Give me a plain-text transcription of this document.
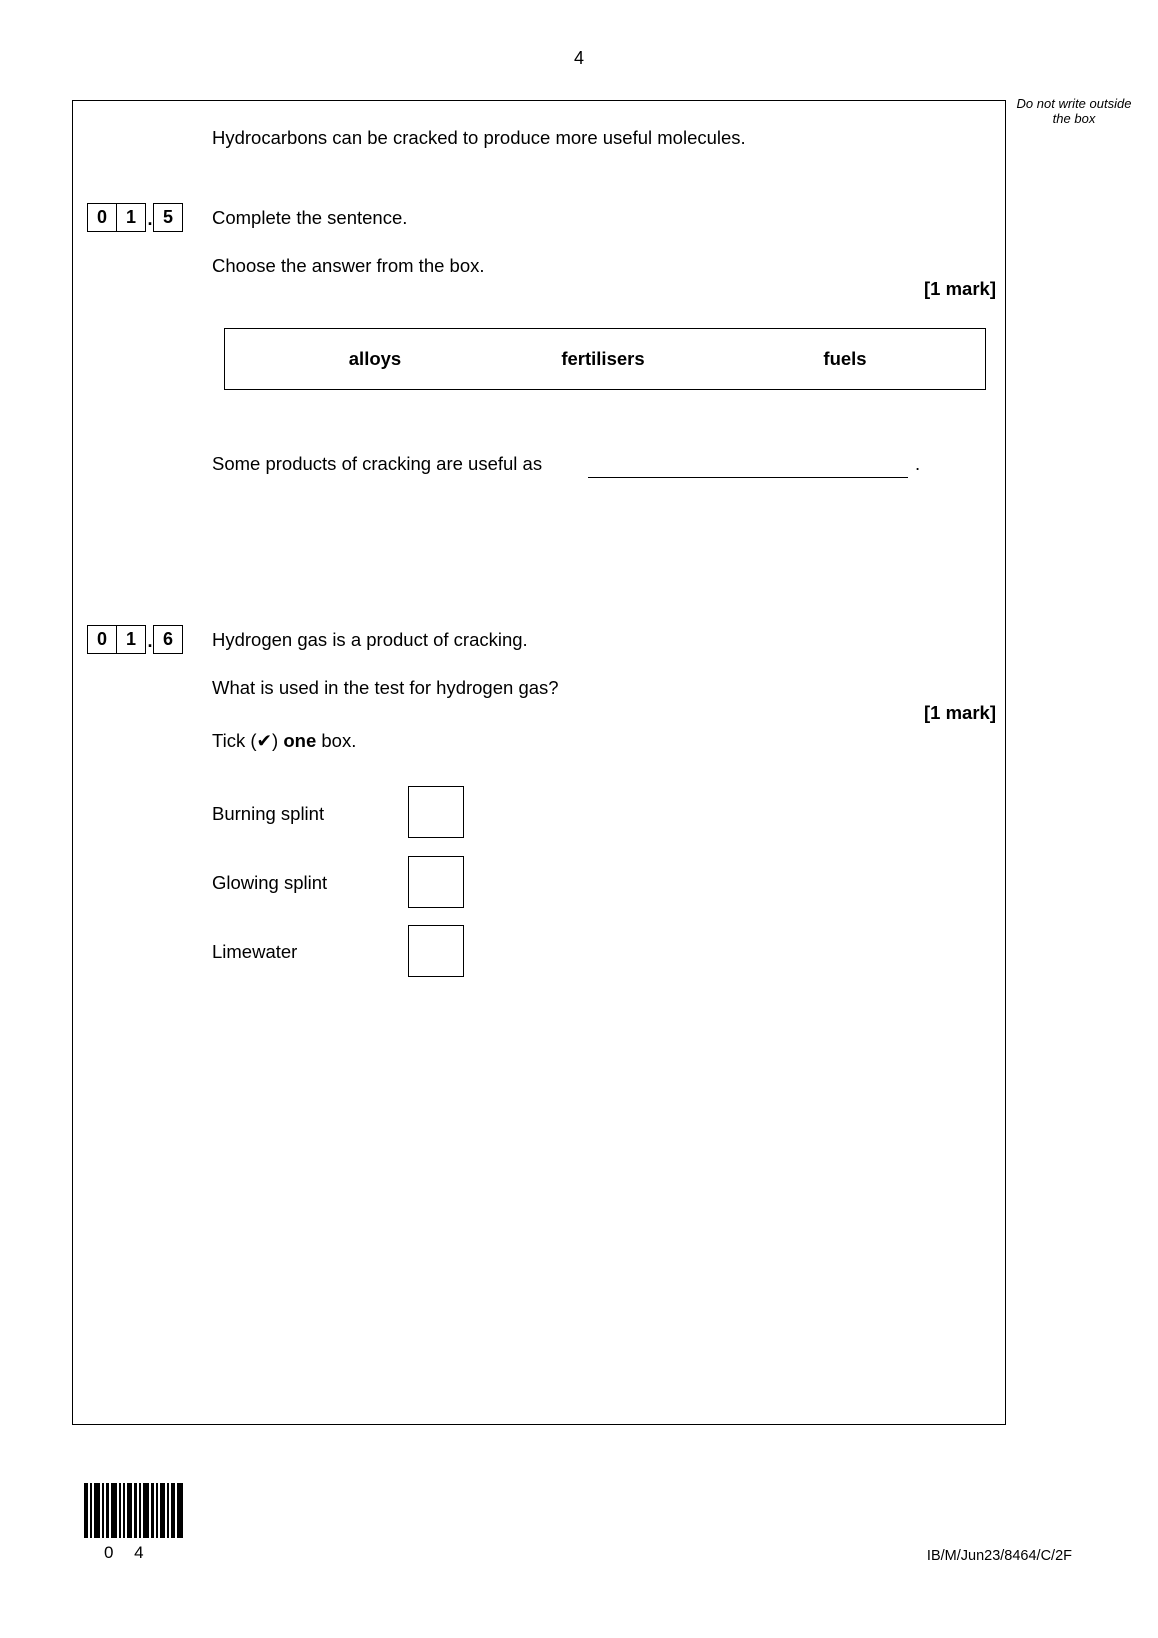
4
Do not write outside the box
Hydrocarbons can be cracked to produce more useful molecules.
0	1 . 5	Complete the sentence.
Choose the answer from the box.
[1 mark]
alloys	fertilisers	fuels
Some products of cracking are useful as	.
0	1 . 6	Hydrogen gas is a product of cracking.
What is used in the test for hydrogen gas?
[1 mark]
Tick (✔) one box.
Burning splint
Glowing splint
Limewater
0 4	IB/M/Jun23/8464/C/2F
